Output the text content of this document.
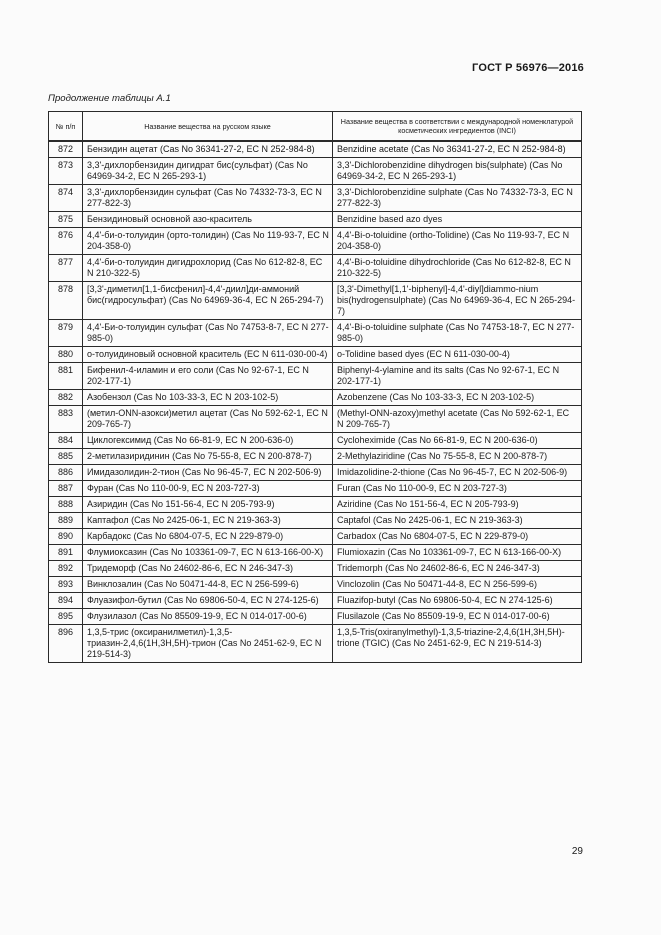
ГОСТ Р 56976—2016
Продолжение таблицы А.1
№ п/п	Название вещества на русском языке	Название вещества в соответствии с международной номенклатурой косметических ингредиентов (INCI)
872	Бензидин ацетат (Cas No 36341-27-2, EC N 252-984-8)	Benzidine acetate (Cas No 36341-27-2, EC N 252-984-8)
873	3,3'-дихлорбензидин дигидрат бис(сульфат) (Cas No 64969-34-2, EC N 265-293-1)	3,3'-Dichlorobenzidine dihydrogen bis(sulphate) (Cas No 64969-34-2, EC N 265-293-1)
874	3,3'-дихлорбензидин сульфат (Cas No 74332-73-3, EC N 277-822-3)	3,3'-Dichlorobenzidine sulphate (Cas No 74332-73-3, EC N 277-822-3)
875	Бензидиновый основной азо-краситель	Benzidine based azo dyes
876	4,4'-би-о-толуидин (орто-толидин) (Cas No 119-93-7, EC N 204-358-0)	4,4'-Bi-o-toluidine (ortho-Tolidine) (Cas No 119-93-7, EC N 204-358-0)
877	4,4'-би-о-толуидин дигидрохлорид (Cas No 612-82-8, EC N 210-322-5)	4,4'-Bi-o-toluidine dihydrochloride (Cas No 612-82-8, EC N 210-322-5)
878	[3,3'-диметил[1,1-бисфенил]-4,4'-диил]ди-аммоний бис(гидросульфат) (Cas No 64969-36-4, EC N 265-294-7)	[3,3'-Dimethyl[1,1'-biphenyl]-4,4'-diyl]diammo-nium bis(hydrogensulphate) (Cas No 64969-36-4, EC N 265-294-7)
879	4,4'-Би-о-толуидин сульфат (Cas No 74753-8-7, EC N 277-985-0)	4,4'-Bi-o-toluidine sulphate (Cas No 74753-18-7, EC N 277-985-0)
880	о-толуидиновый основной краситель (EC N 611-030-00-4)	o-Tolidine based dyes (EC N 611-030-00-4)
881	Бифенил-4-иламин и его соли (Cas No 92-67-1, EC N 202-177-1)	Biphenyl-4-ylamine and its salts (Cas No 92-67-1, EC N 202-177-1)
882	Азобензол (Cas No 103-33-3, EC N 203-102-5)	Azobenzene (Cas No 103-33-3, EC N 203-102-5)
883	(метил-ONN-азокси)метил ацетат (Cas No 592-62-1, EC N 209-765-7)	(Methyl-ONN-azoxy)methyl acetate (Cas No 592-62-1, EC N 209-765-7)
884	Циклогексимид (Cas No 66-81-9, EC N 200-636-0)	Cycloheximide (Cas No 66-81-9, EC N 200-636-0)
885	2-метилазиридинин (Cas No 75-55-8, EC N 200-878-7)	2-Methylaziridine (Cas No 75-55-8, EC N 200-878-7)
886	Имидазолидин-2-тион (Cas No 96-45-7, EC N 202-506-9)	Imidazolidine-2-thione (Cas No 96-45-7, EC N 202-506-9)
887	Фуран (Cas No 110-00-9, EC N 203-727-3)	Furan (Cas No 110-00-9, EC N 203-727-3)
888	Азиридин (Cas No 151-56-4, EC N 205-793-9)	Aziridine (Cas No 151-56-4, EC N 205-793-9)
889	Каптафол (Cas No 2425-06-1, EC N 219-363-3)	Captafol (Cas No 2425-06-1, EC N 219-363-3)
890	Карбадокс (Cas No 6804-07-5, EC N 229-879-0)	Carbadox (Cas No 6804-07-5, EC N 229-879-0)
891	Флумиоксазин (Cas No 103361-09-7, EC N 613-166-00-X)	Flumioxazin (Cas No 103361-09-7, EC N 613-166-00-X)
892	Тридеморф (Cas No 24602-86-6, EC N 246-347-3)	Tridemorph (Cas No 24602-86-6, EC N 246-347-3)
893	Винклозалин (Cas No 50471-44-8, EC N 256-599-6)	Vinclozolin (Cas No 50471-44-8, EC N 256-599-6)
894	Флуазифол-бутил (Cas No 69806-50-4, EC N 274-125-6)	Fluazifop-butyl (Cas No 69806-50-4, EC N 274-125-6)
895	Флузилазол (Cas No 85509-19-9, EC N 014-017-00-6)	Flusilazole (Cas No 85509-19-9, EC N 014-017-00-6)
896	1,3,5-трис (оксиранилметил)-1,3,5-триазин-2,4,6(1H,3H,5H)-трион (Cas No 2451-62-9, EC N 219-514-3)	1,3,5-Tris(oxiranylmethyl)-1,3,5-triazine-2,4,6(1H,3H,5H)-trione (TGIC) (Cas No 2451-62-9, EC N 219-514-3)
29
